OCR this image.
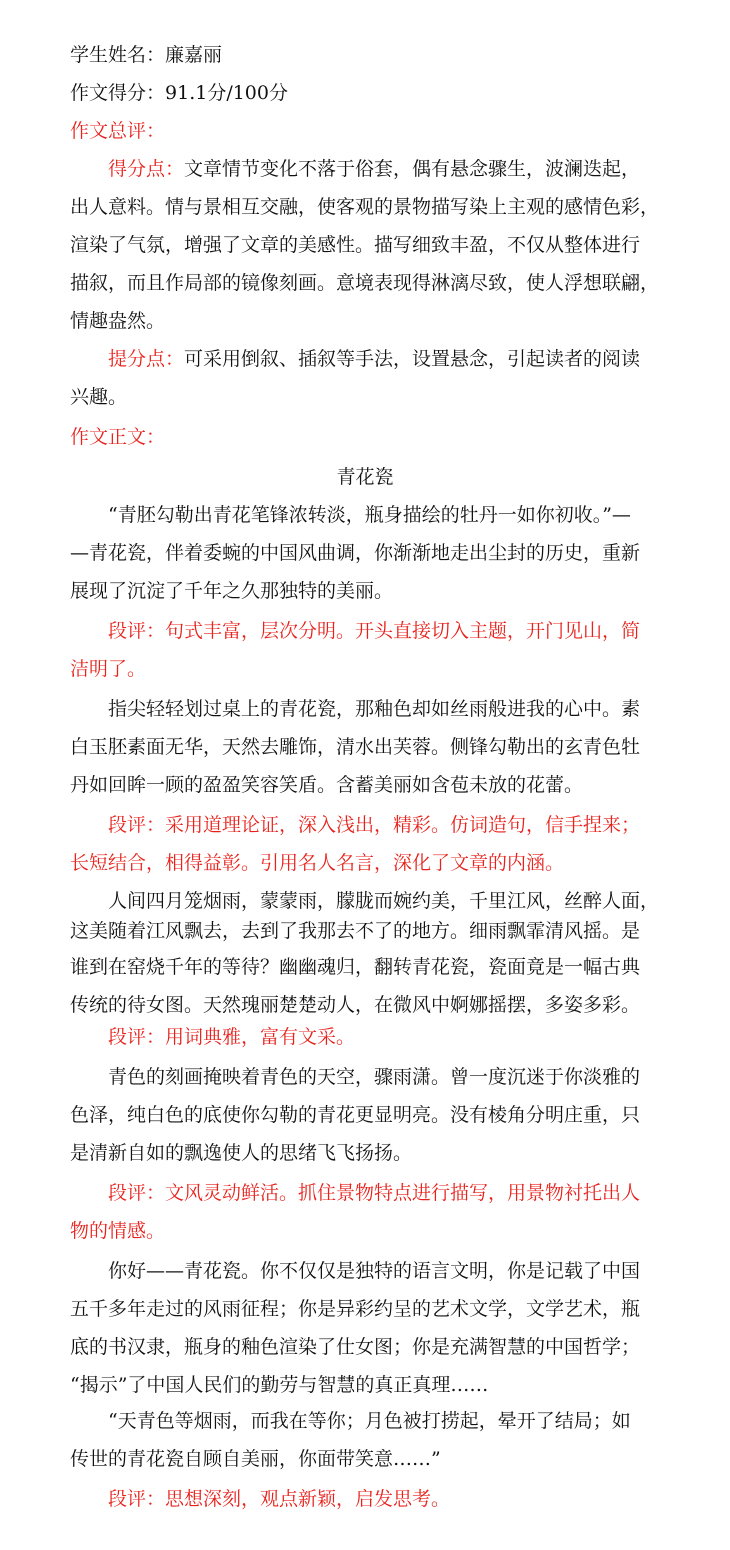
学生姓名：廉嘉丽
作文得分：91.1分/100分
作文总评：
得分点：文章情节变化不落于俗套，偶有悬念骤生，波澜迭起，
出人意料。情与景相互交融，使客观的景物描写染上主观的感情色彩，
渲染了气氛，增强了文章的美感性。描写细致丰盈，不仅从整体进行
描叙，而且作局部的镜像刻画。意境表现得淋漓尽致，使人浮想联翩，
情趣盎然。
提分点：可采用倒叙、插叙等手法，设置悬念，引起读者的阅读
兴趣。
作文正文：
青花瓷
“青胚勾勒出青花笔锋浓转淡，瓶身描绘的牡丹一如你初收。”—
—青花瓷，伴着委蜿的中国风曲调，你渐渐地走出尘封的历史，重新
展现了沉淀了千年之久那独特的美丽。
段评：句式丰富，层次分明。开头直接切入主题，开门见山，简
洁明了。
指尖轻轻划过桌上的青花瓷，那釉色却如丝雨般进我的心中。素
白玉胚素面无华，天然去雕饰，清水出芙蓉。侧锋勾勒出的玄青色牡
丹如回眸一顾的盈盈笑容笑盾。含蓄美丽如含苞未放的花蕾。
段评：采用道理论证，深入浅出，精彩。仿词造句，信手捏来；
长短结合，相得益彰。引用名人名言，深化了文章的内涵。
人间四月笼烟雨，蒙蒙雨，朦胧而婉约美，千里江风，丝醉人面，
这美随着江风飘去，去到了我那去不了的地方。细雨飘霏清风摇。是
谁到在窑烧千年的等待？幽幽魂归，翻转青花瓷，瓷面竟是一幅古典
传统的待女图。天然瑰丽楚楚动人，在微风中婀娜摇摆，多姿多彩。
段评：用词典雅，富有文采。
青色的刻画掩映着青色的天空，骤雨潇。曾一度沉迷于你淡雅的
色泽，纯白色的底使你勾勒的青花更显明亮。没有棱角分明庄重，只
是清新自如的飘逸使人的思绪飞飞扬扬。
段评：文风灵动鲜活。抓住景物特点进行描写，用景物衬托出人
物的情感。
你好——青花瓷。你不仅仅是独特的语言文明，你是记载了中国
五千多年走过的风雨征程；你是异彩约呈的艺术文学，文学艺术，瓶
底的书汉隶，瓶身的釉色渲染了仕女图；你是充满智慧的中国哲学；
“揭示”了中国人民们的勤劳与智慧的真正真理……
“天青色等烟雨，而我在等你；月色被打捞起，晕开了结局；如
传世的青花瓷自顾自美丽，你面带笑意……”
段评：思想深刻，观点新颖，启发思考。
